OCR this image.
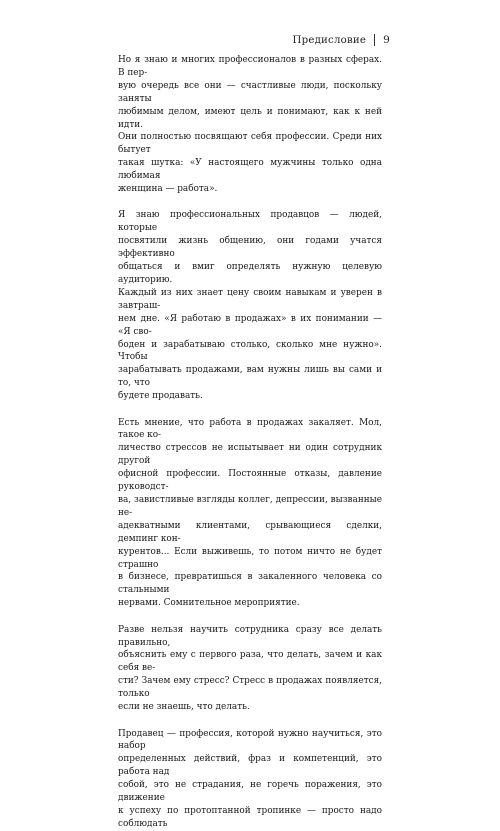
Предисловие 9

Но я знаю и многих профессионалов в разных сферах. В пер-
вую очередь все они — счастливые люди, поскольку заняты
любимым делом, имеют цель и понимают, как к ней идти.
Они полностью посвящают себя профессии. Среди них бытует
такая шутка: «У настоящего мужчины только одна любимая
женщина — работа».

Я знаю профессиональных продавцов — людей, которые
посвятили жизнь общению, они годами учатся эффективно
общаться и вмиг определять нужную целевую аудиторию.
Каждый из них знает цену своим навыкам и уверен в завтраш-
нем дне. «Я работаю в продажах» в их понимании — «Я сво-
боден и зарабатываю столько, сколько мне нужно». Чтобы
зарабатывать продажами, вам нужны лишь вы сами и то, что
будете продавать.

Есть мнение, что работа в продажах закаляет. Мол, такое ко-
личество стрессов не испытывает ни один сотрудник другой
офисной профессии. Постоянные отказы, давление руководст-
ва, завистливые взгляды коллег, депрессии, вызванные не-
адекватными клиентами, срывающиеся сделки, демпинг кон-
курентов... Если выживешь, то потом ничто не будет страшно
в бизнесе, превратишься в закаленного человека со стальными
нервами. Сомнительное мероприятие.

Разве нельзя научить сотрудника сразу все делать правильно,
объяснить ему с первого раза, что делать, зачем и как себя ве-
сти? Зачем ему стресс? Стресс в продажах появляется, только
если не знаешь, что делать.

Продавец — профессия, которой нужно научиться, это набор
определенных действий, фраз и компетенций, это работа над
собой, это не страдания, не горечь поражения, это движение
к успеху по протоптанной тропинке — просто надо соблюдать
